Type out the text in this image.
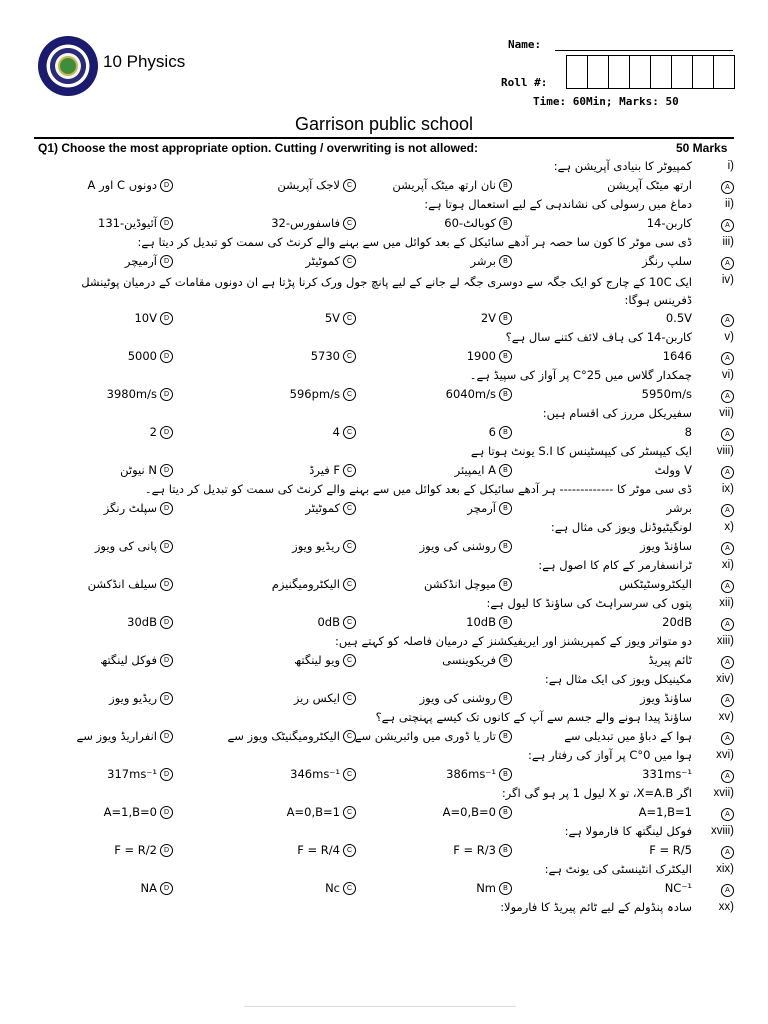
10 Physics
Name:
Roll #:
Time: 60Min; Marks: 50
Garrison public school
Q1) Choose the most appropriate option. Cutting / overwriting is not allowed:	50 Marks
i)
کمپیوٹر کا بنیادی آپریشن ہے:
ارتھ میٹک آپریشن	A
نان ارتھ میٹک آپریشن	B
لاجک آپریشن C
A اور C دونوں D
ii)
دماغ میں رسولی کی نشاندہی کے لیے استعمال ہوتا ہے:
کاربن-14	A
کوبالٹ-60	B
فاسفورس-32 C
آئیوڈین-131 D
iii)
ڈی سی موٹر کا کون سا حصہ ہر آدھے سائیکل کے بعد کوائل میں سے بہنے والے کرنٹ کی سمت کو تبدیل کر دیتا ہے:
سلپ رنگز	A
برشر	B
کموٹیٹر C
آرمیچر D
iv)
ایک 10C کے چارج کو ایک جگہ سے دوسری جگہ لے جانے کے لیے پانچ جول ورک کرنا پڑتا ہے ان دونوں مقامات کے درمیان پوٹینشل ڈفرینس ہوگا:
0.5V	A
2V	B
5V C
10V D
v)
کاربن-14 کی ہاف لائف کتنے سال ہے؟
1646	A
1900	B
5730 C
5000 D
vi)
چمکدار گلاس میں 25°C پر آواز کی سپیڈ ہے۔
5950m/s	A
6040m/s	B
596pm/s C
3980m/s D
vii)
سفیریکل مررز کی اقسام ہیں:
8	A
6	B
4 C
2 D
viii)
ایک کیپسٹر کی کیپسٹینس کا S.I یونٹ ہوتا ہے
وولٹ V	A
ایمپیئر A	B
فیرڈ F C
نیوٹن N D
ix)
ڈی سی موٹر کا ------------- ہر آدھے سائیکل کے بعد کوائل میں سے بہنے والے کرنٹ کی سمت کو تبدیل کر دیتا ہے۔
برشر	A
آرمچر	B
کموٹیٹر C
سپلٹ رنگز D
x)
لونگیٹیوڈنل ویوز کی مثال ہے:
ساؤنڈ ویوز	A
روشنی کی ویوز	B
ریڈیو ویوز C
پانی کی ویوز D
xi)
ٹرانسفارمر کے کام کا اصول ہے:
الیکٹروسٹیٹکس	A
میوچل انڈکشن	B
الیکٹرومیگنیزم C
سیلف انڈکشن D
xii)
پتوں کی سرسراہٹ کی ساؤنڈ کا لیول ہے:
20dB	A
10dB	B
0dB C
30dB D
xiii)
دو متواتر ویوز کے کمپریشنز اور ایریفیکشنز کے درمیان فاصلہ کو کہتے ہیں:
ٹائم پیریڈ	A
فریکوینسی	B
ویو لینگتھ C
فوکل لینگتھ D
xiv)
مکینیکل ویوز کی ایک مثال ہے:
ساؤنڈ ویوز	A
روشنی کی ویوز	B
ایکس ریز C
ریڈیو ویوز D
xv)
ساؤنڈ پیدا ہونے والے جسم سے آپ کے کانوں تک کیسے پہنچتی ہے؟
ہوا کے دباؤ میں تبدیلی سے	A
تار یا ڈوری میں وائبریشن سے	B
الیکٹرومیگنیٹک ویوز سے C
انفراریڈ ویوز سے D
xvi)
ہوا میں 0°C پر آواز کی رفتار ہے:
331ms⁻¹	A
386ms⁻¹	B
346ms⁻¹ C
317ms⁻¹ D
xvii)
اگر X=A.B، تو X لیول 1 پر ہو گی اگر:
A=1,B=1	A
A=0,B=0	B
A=0,B=1 C
A=1,B=0 D
xviii)
فوکل لینگتھ کا فارمولا ہے:
F = R/5	A
F = R/3	B
F = R/4 C
F = R/2 D
xix)
الیکٹرک انٹینسٹی کی یونٹ ہے:
NC⁻¹	A
Nm	B
Nc C
NA D
xx)
سادہ پنڈولم کے لیے ٹائم پیریڈ کا فارمولا:
